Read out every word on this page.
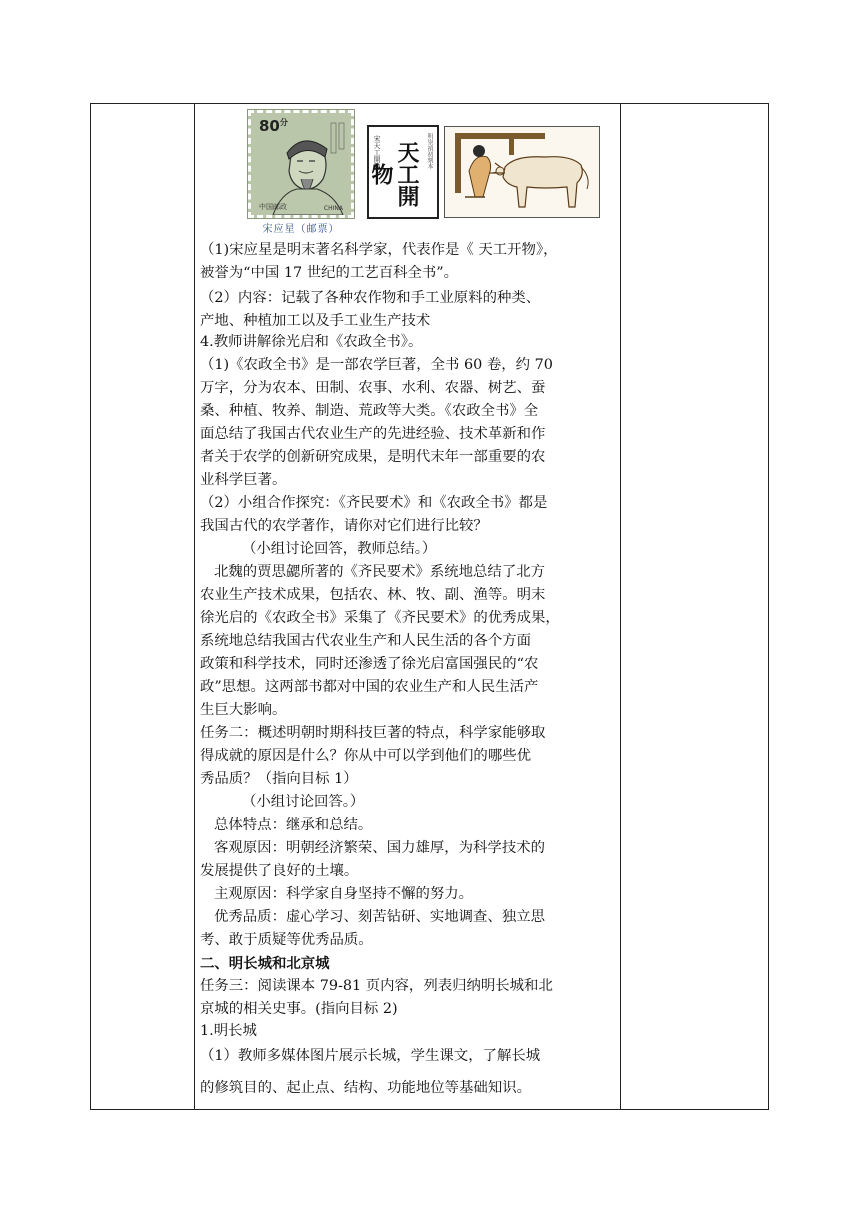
$80^分$
中国邮政	CHINA
宋应星（邮票）
宋天工開物 天工開物
明崇禎初刻本
（1)宋应星是明末著名科学家，代表作是《 天工开物》，
被誉为“中国 17 世纪的工艺百科全书”。
（2）内容：记载了各种农作物和手工业原料的种类、
产地、种植加工以及手工业生产技术
4.教师讲解徐光启和《农政全书》。
（1)《农政全书》是一部农学巨著，全书 60 卷，约 70
万字，分为农本、田制、农事、水利、农器、树艺、蚕
桑、种植、牧养、制造、荒政等大类。《农政全书》全
面总结了我国古代农业生产的先进经验、技术革新和作
者关于农学的创新研究成果，是明代末年一部重要的农
业科学巨著。
（2）小组合作探究：《齐民要术》和《农政全书》都是
我国古代的农学著作，请你对它们进行比较？
（小组讨论回答，教师总结。）
北魏的贾思勰所著的《齐民要术》系统地总结了北方
农业生产技术成果，包括农、林、牧、副、渔等。明末
徐光启的《农政全书》采集了《齐民要术》的优秀成果，
系统地总结我国古代农业生产和人民生活的各个方面
政策和科学技术，同时还渗透了徐光启富国强民的“农
政”思想。这两部书都对中国的农业生产和人民生活产
生巨大影响。
任务二：概述明朝时期科技巨著的特点，科学家能够取
得成就的原因是什么？你从中可以学到他们的哪些优
秀品质？（指向目标 1）
（小组讨论回答。）
总体特点：继承和总结。
客观原因：明朝经济繁荣、国力雄厚，为科学技术的
发展提供了良好的土壤。
主观原因：科学家自身坚持不懈的努力。
优秀品质：虚心学习、刻苦钻研、实地调查、独立思
考、敢于质疑等优秀品质。
二、明长城和北京城
任务三：阅读课本 79-81 页内容，列表归纳明长城和北
京城的相关史事。(指向目标 2)
1.明长城
（1）教师多媒体图片展示长城，学生课文，了解长城
的修筑目的、起止点、结构、功能地位等基础知识。
